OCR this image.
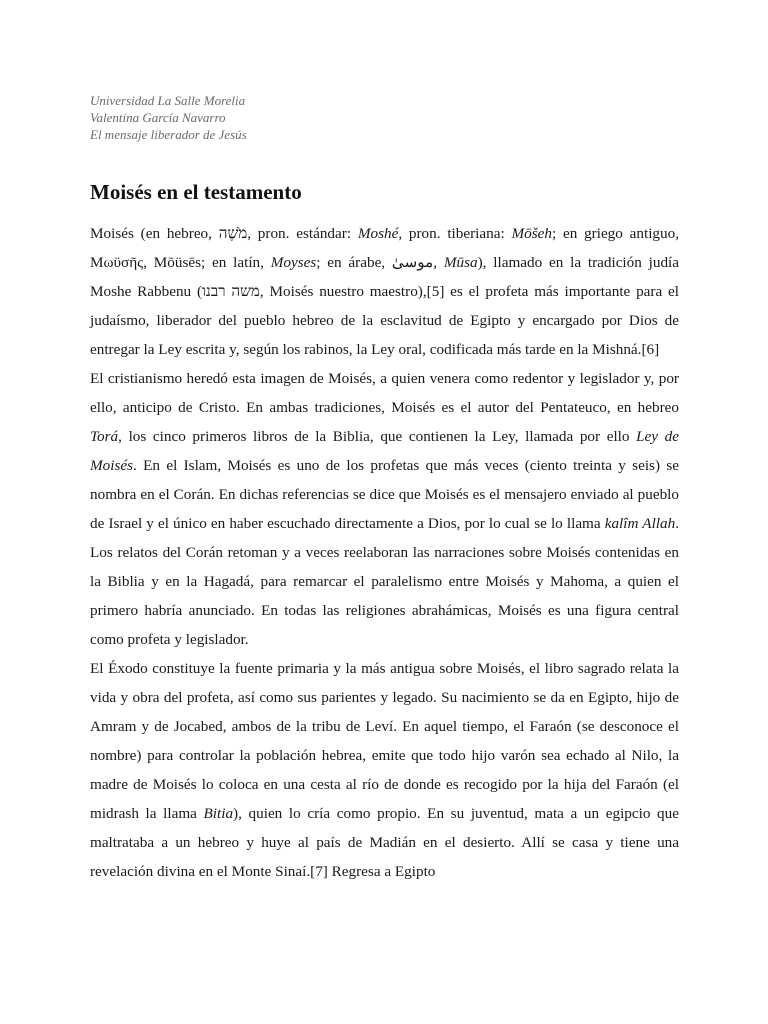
Universidad La Salle Morelia
Valentina García Navarro
El mensaje liberador de Jesús
Moisés en el testamento

Moisés (en hebreo, מֹשֶׁה, pron. estándar: Moshé, pron. tiberiana: Mōšeh; en griego antiguo, Μωϋσῆς, Mōüsēs; en latín, Moyses; en árabe, موسىٰ, Mūsa), llamado en la tradición judía Moshe Rabbenu (משה רבנו, Moisés nuestro maestro),[5] es el profeta más importante para el judaísmo, liberador del pueblo hebreo de la esclavitud de Egipto y encargado por Dios de entregar la Ley escrita y, según los rabinos, la Ley oral, codificada más tarde en la Mishná.[6]

El cristianismo heredó esta imagen de Moisés, a quien venera como redentor y legislador y, por ello, anticipo de Cristo. En ambas tradiciones, Moisés es el autor del Pentateuco, en hebreo Torá, los cinco primeros libros de la Biblia, que contienen la Ley, llamada por ello Ley de Moisés. En el Islam, Moisés es uno de los profetas que más veces (ciento treinta y seis) se nombra en el Corán. En dichas referencias se dice que Moisés es el mensajero enviado al pueblo de Israel y el único en haber escuchado directamente a Dios, por lo cual se lo llama kalîm Allah. Los relatos del Corán retoman y a veces reelaboran las narraciones sobre Moisés contenidas en la Biblia y en la Hagadá, para remarcar el paralelismo entre Moisés y Mahoma, a quien el primero habría anunciado. En todas las religiones abrahámicas, Moisés es una figura central como profeta y legislador.

El Éxodo constituye la fuente primaria y la más antigua sobre Moisés, el libro sagrado relata la vida y obra del profeta, así como sus parientes y legado. Su nacimiento se da en Egipto, hijo de Amram y de Jocabed, ambos de la tribu de Leví. En aquel tiempo, el Faraón (se desconoce el nombre) para controlar la población hebrea, emite que todo hijo varón sea echado al Nilo, la madre de Moisés lo coloca en una cesta al río de donde es recogido por la hija del Faraón (el midrash la llama Bitia), quien lo cría como propio. En su juventud, mata a un egipcio que maltrataba a un hebreo y huye al país de Madián en el desierto. Allí se casa y tiene una revelación divina en el Monte Sinaí.[7] Regresa a Egipto
